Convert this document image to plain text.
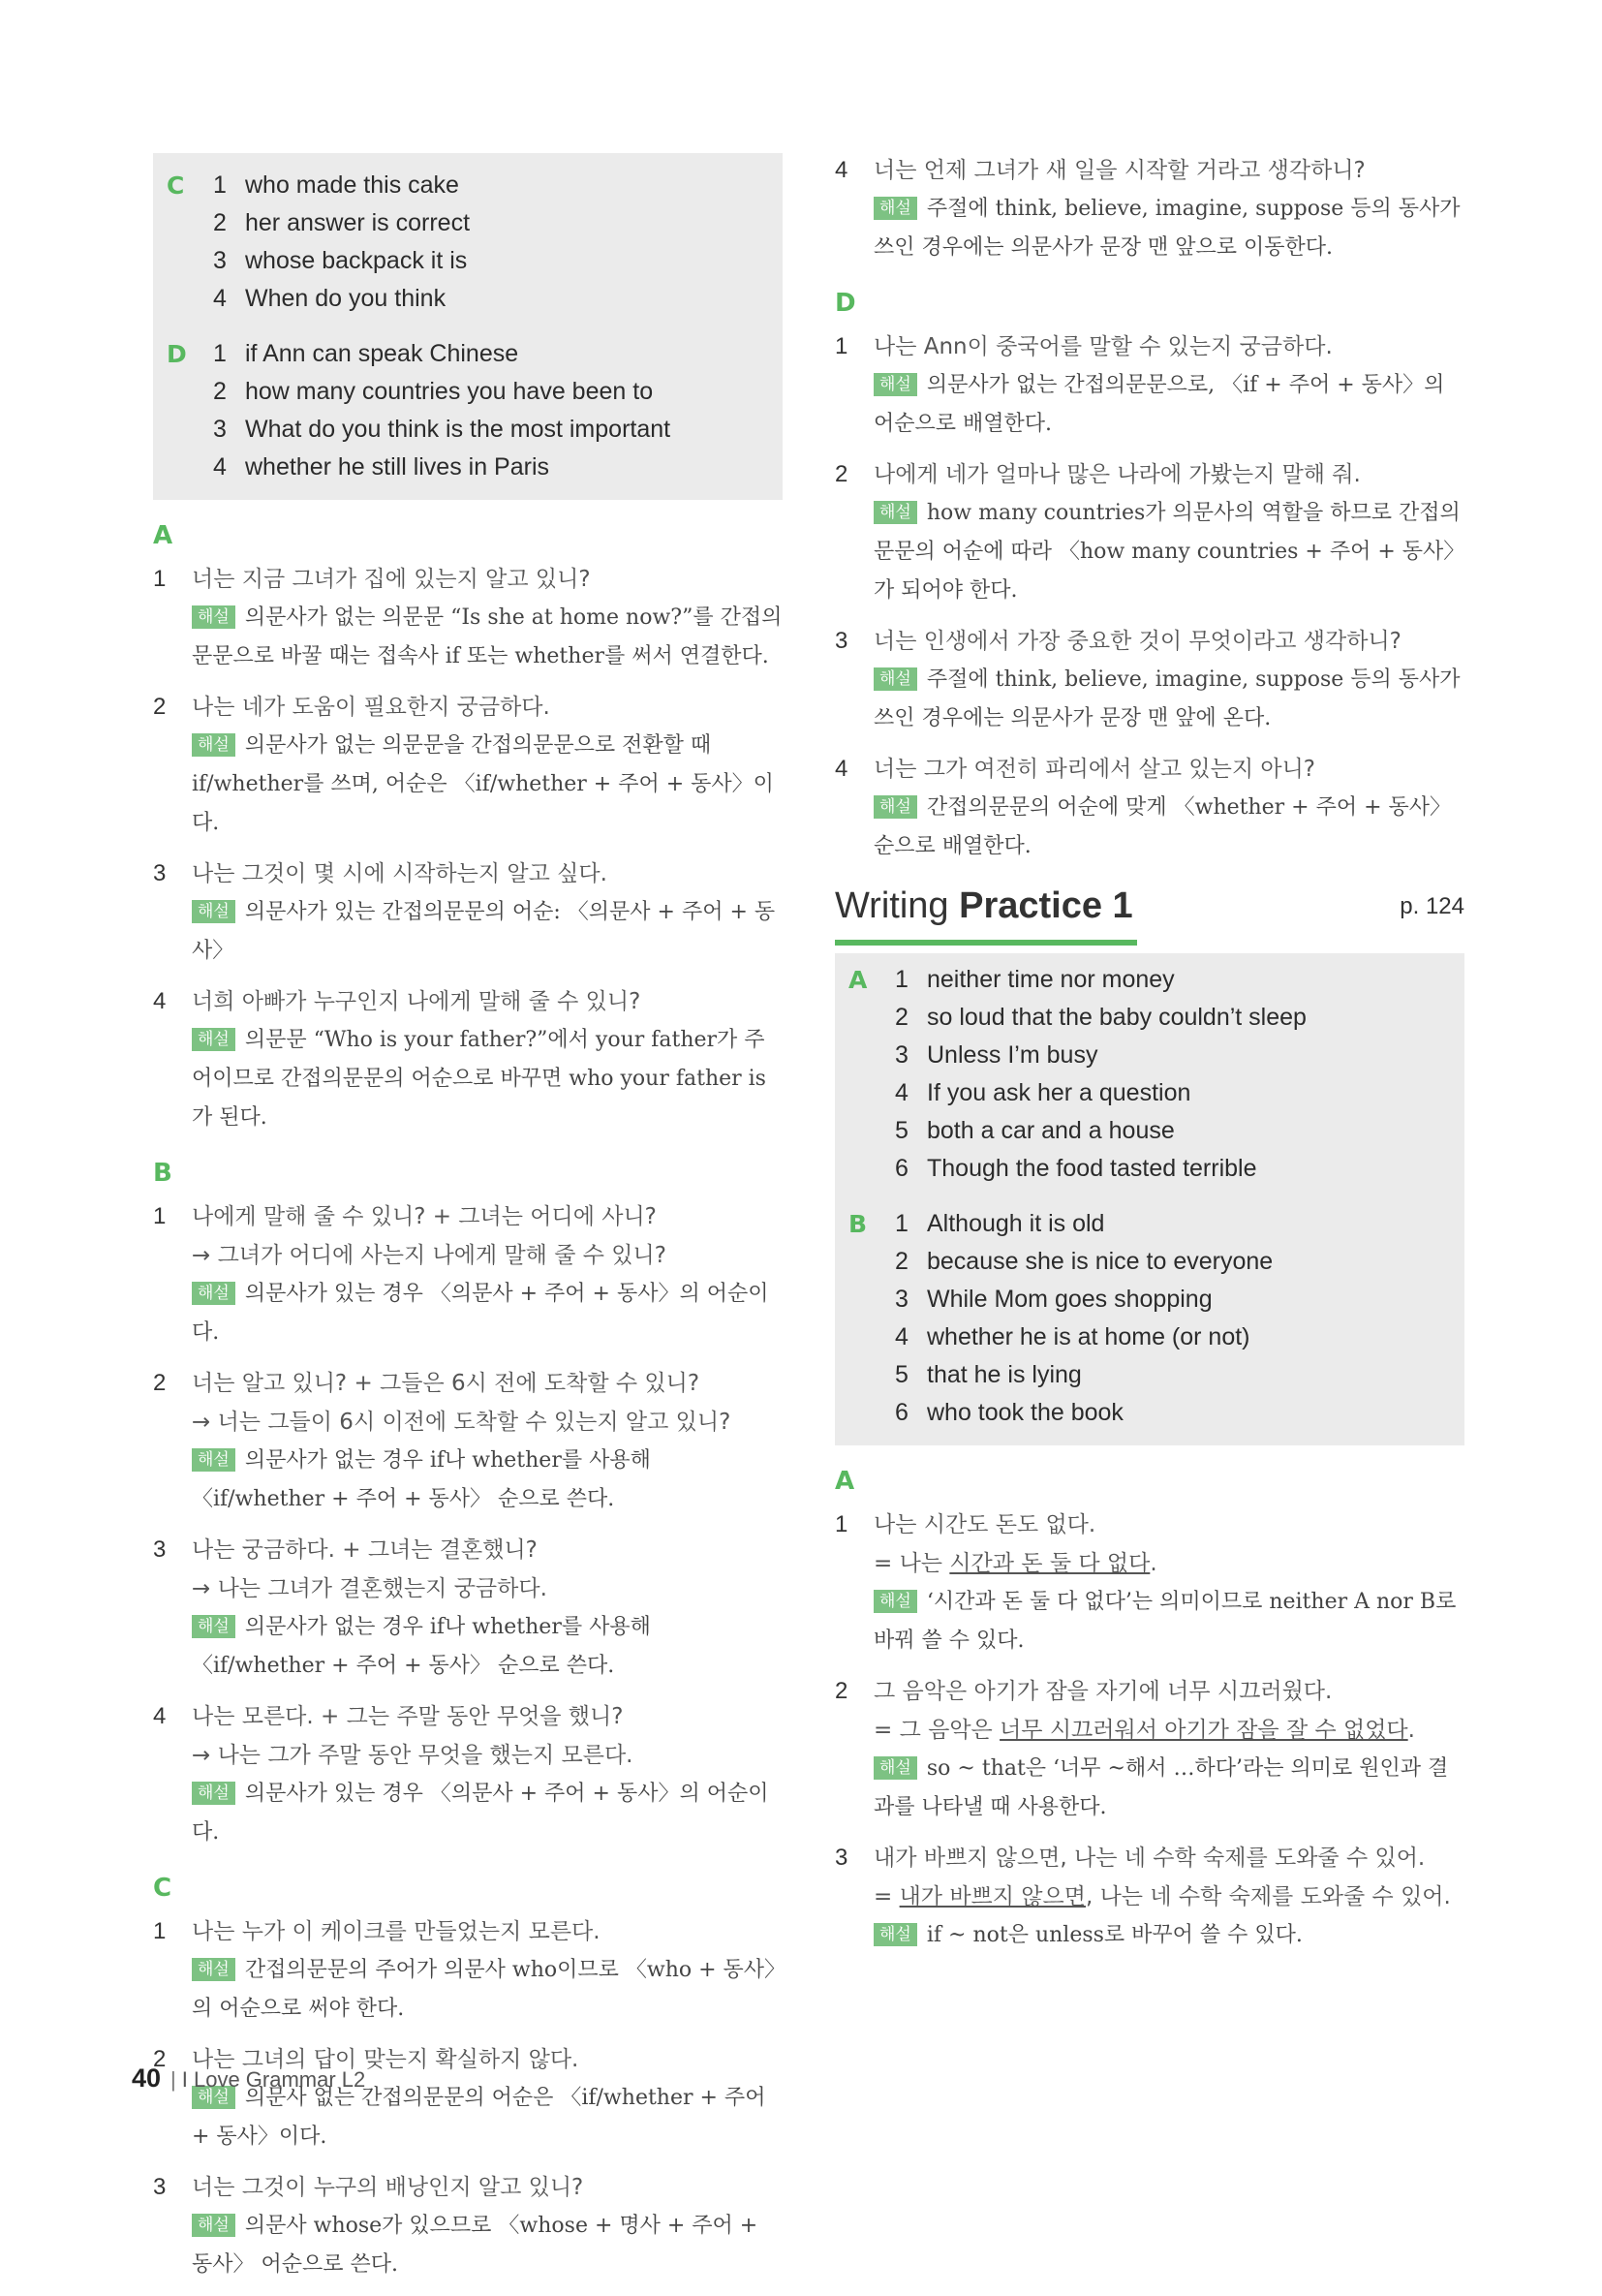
C	1 who made this cake
2 her answer is correct
3 whose backpack it is
4 When do you think
D	1 if Ann can speak Chinese
2 how many countries you have been to
3 What do you think is the most important
4 whether he still lives in Paris
A
1	너는 지금 그녀가 집에 있는지 알고 있니?
해설 의문사가 없는 의문문 “Is she at home now?”를 간접의문문으로 바꿀 때는 접속사 if 또는 whether를 써서 연결한다.
2	나는 네가 도움이 필요한지 궁금하다.
해설 의문사가 없는 의문문을 간접의문문으로 전환할 때 if/whether를 쓰며, 어순은 〈if/whether + 주어 + 동사〉이다.
3	나는 그것이 몇 시에 시작하는지 알고 싶다.
해설 의문사가 있는 간접의문문의 어순: 〈의문사 + 주어 + 동사〉
4	너희 아빠가 누구인지 나에게 말해 줄 수 있니?
해설 의문문 “Who is your father?”에서 your father가 주어이므로 간접의문문의 어순으로 바꾸면 who your father is가 된다.
B
1	나에게 말해 줄 수 있니? + 그녀는 어디에 사니?
→ 그녀가 어디에 사는지 나에게 말해 줄 수 있니?
해설 의문사가 있는 경우 〈의문사 + 주어 + 동사〉의 어순이다.
2	너는 알고 있니? + 그들은 6시 전에 도착할 수 있니?
→ 너는 그들이 6시 이전에 도착할 수 있는지 알고 있니?
해설 의문사가 없는 경우 if나 whether를 사용해 〈if/whether + 주어 + 동사〉 순으로 쓴다.
3	나는 궁금하다. + 그녀는 결혼했니?
→ 나는 그녀가 결혼했는지 궁금하다.
해설 의문사가 없는 경우 if나 whether를 사용해 〈if/whether + 주어 + 동사〉 순으로 쓴다.
4	나는 모른다. + 그는 주말 동안 무엇을 했니?
→ 나는 그가 주말 동안 무엇을 했는지 모른다.
해설 의문사가 있는 경우 〈의문사 + 주어 + 동사〉의 어순이다.
C
1	나는 누가 이 케이크를 만들었는지 모른다.
해설 간접의문문의 주어가 의문사 who이므로 〈who + 동사〉의 어순으로 써야 한다.
2	나는 그녀의 답이 맞는지 확실하지 않다.
해설 의문사 없는 간접의문문의 어순은 〈if/whether + 주어 + 동사〉이다.
3	너는 그것이 누구의 배낭인지 알고 있니?
해설 의문사 whose가 있으므로 〈whose + 명사 + 주어 + 동사〉 어순으로 쓴다.
4	너는 언제 그녀가 새 일을 시작할 거라고 생각하니?
해설 주절에 think, believe, imagine, suppose 등의 동사가 쓰인 경우에는 의문사가 문장 맨 앞으로 이동한다.
D
1	나는 Ann이 중국어를 말할 수 있는지 궁금하다.
해설 의문사가 없는 간접의문문으로, 〈if + 주어 + 동사〉의 어순으로 배열한다.
2	나에게 네가 얼마나 많은 나라에 가봤는지 말해 줘.
해설 how many countries가 의문사의 역할을 하므로 간접의문문의 어순에 따라 〈how many countries + 주어 + 동사〉가 되어야 한다.
3	너는 인생에서 가장 중요한 것이 무엇이라고 생각하니?
해설 주절에 think, believe, imagine, suppose 등의 동사가 쓰인 경우에는 의문사가 문장 맨 앞에 온다.
4	너는 그가 여전히 파리에서 살고 있는지 아니?
해설 간접의문문의 어순에 맞게 〈whether + 주어 + 동사〉 순으로 배열한다.
Writing Practice 1	p. 124
A	1 neither time nor money
2 so loud that the baby couldn’t sleep
3 Unless I’m busy
4 If you ask her a question
5 both a car and a house
6 Though the food tasted terrible
B	1 Although it is old
2 because she is nice to everyone
3 While Mom goes shopping
4 whether he is at home (or not)
5 that he is lying
6 who took the book
A
1	나는 시간도 돈도 없다.
= 나는 시간과 돈 둘 다 없다.
해설 ‘시간과 돈 둘 다 없다’는 의미이므로 neither A nor B로 바꿔 쓸 수 있다.
2	그 음악은 아기가 잠을 자기에 너무 시끄러웠다.
= 그 음악은 너무 시끄러워서 아기가 잠을 잘 수 없었다.
해설 so ~ that은 ‘너무 ~해서 …하다’라는 의미로 원인과 결과를 나타낼 때 사용한다.
3	내가 바쁘지 않으면, 나는 네 수학 숙제를 도와줄 수 있어.
= 내가 바쁘지 않으면, 나는 네 수학 숙제를 도와줄 수 있어.
해설 if ~ not은 unless로 바꾸어 쓸 수 있다.
40 | I Love Grammar L2
